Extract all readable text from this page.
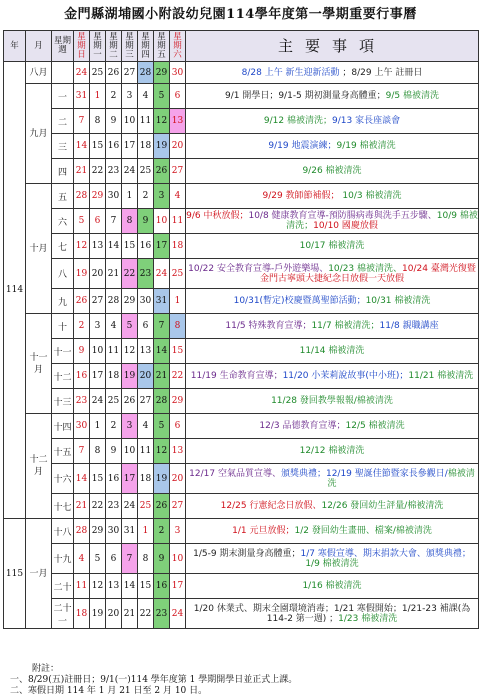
金門縣湖埔國小附設幼兒園114學年度第一學期重要行事曆
年	月	星期
週	星期日	星期一	星期二	星期三	星期四	星期五	星期六	主要事項
114	八月		24	25	26	27	28	29	30	8/28 上午 新生迎新活動 ；8/29 上午 註冊日
	九月	一	31	1	2	3	4	5	6	9/1 開學日；9/1-5 期初測量身高體重；9/5 棉被清洗
		二	7	8	9	10	11	12	13	9/12 棉被清洗；9/13 家長座談會
		三	14	15	16	17	18	19	20	9/19 地震演練；9/19 棉被清洗
		四	21	22	23	24	25	26	27	9/26 棉被清洗
	十月	五	28	29	30	1	2	3	4	9/29 教師節補假； 10/3 棉被清洗
		六	5	6	7	8	9	10	11	9/6 中秋放假；10/8 健康教育宣導-預防腸病毒與洗手五步驟、10/9 棉被清洗；10/10 國慶放假
		七	12	13	14	15	16	17	18	10/17 棉被清洗
		八	19	20	21	22	23	24	25	10/22 安全教育宣導-戶外遊樂場、10/23 棉被清洗、10/24 臺灣光復暨金門古寧頭大捷紀念日放假一天放假
		九	26	27	28	29	30	31	1	10/31(暫定)校慶暨萬聖節活動；10/31 棉被清洗
	十一月	十	2	3	4	5	6	7	8	11/5 特殊教育宣導；11/7 棉被清洗；11/8 親職講座
		十一	9	10	11	12	13	14	15	11/14 棉被清洗
		十二	16	17	18	19	20	21	22	11/19 生命教育宣導；11/20 小茉莉說故事(中小班)；11/21 棉被清洗
		十三	23	24	25	26	27	28	29	11/28 發回教學報報/棉被清洗
	十二月	十四	30	1	2	3	4	5	6	12/3 品德教育宣導；12/5 棉被清洗
		十五	7	8	9	10	11	12	13	12/12 棉被清洗
		十六	14	15	16	17	18	19	20	12/17 空氣品質宣導、頒獎典禮；12/19 聖誕佳節暨家長參觀日/棉被清洗
		十七	21	22	23	24	25	26	27	12/25 行憲紀念日放假、12/26 發回幼生評量/棉被清洗
115	一月	十八	28	29	30	31	1	2	3	1/1 元旦放假；1/2 發回幼生畫冊、檔案/棉被清洗
		十九	4	5	6	7	8	9	10	1/5-9 期末測量身高體重；1/7 寒假宣導、期末捐款大會、頒獎典禮；1/9 棉被清洗
		二十	11	12	13	14	15	16	17	1/16 棉被清洗
		二十一	18	19	20	21	22	23	24	1/20 休業式、期末全園環境消毒；1/21 寒假開始；1/21-23 補課(為 114-2 第一週) ；1/23 棉被清洗
附註：
一、8/29(五)註冊日；9/1(一)114 學年度第 1 學期開學日並正式上課。
二、寒假日期 114 年 1 月 21 日至 2 月 10 日。
